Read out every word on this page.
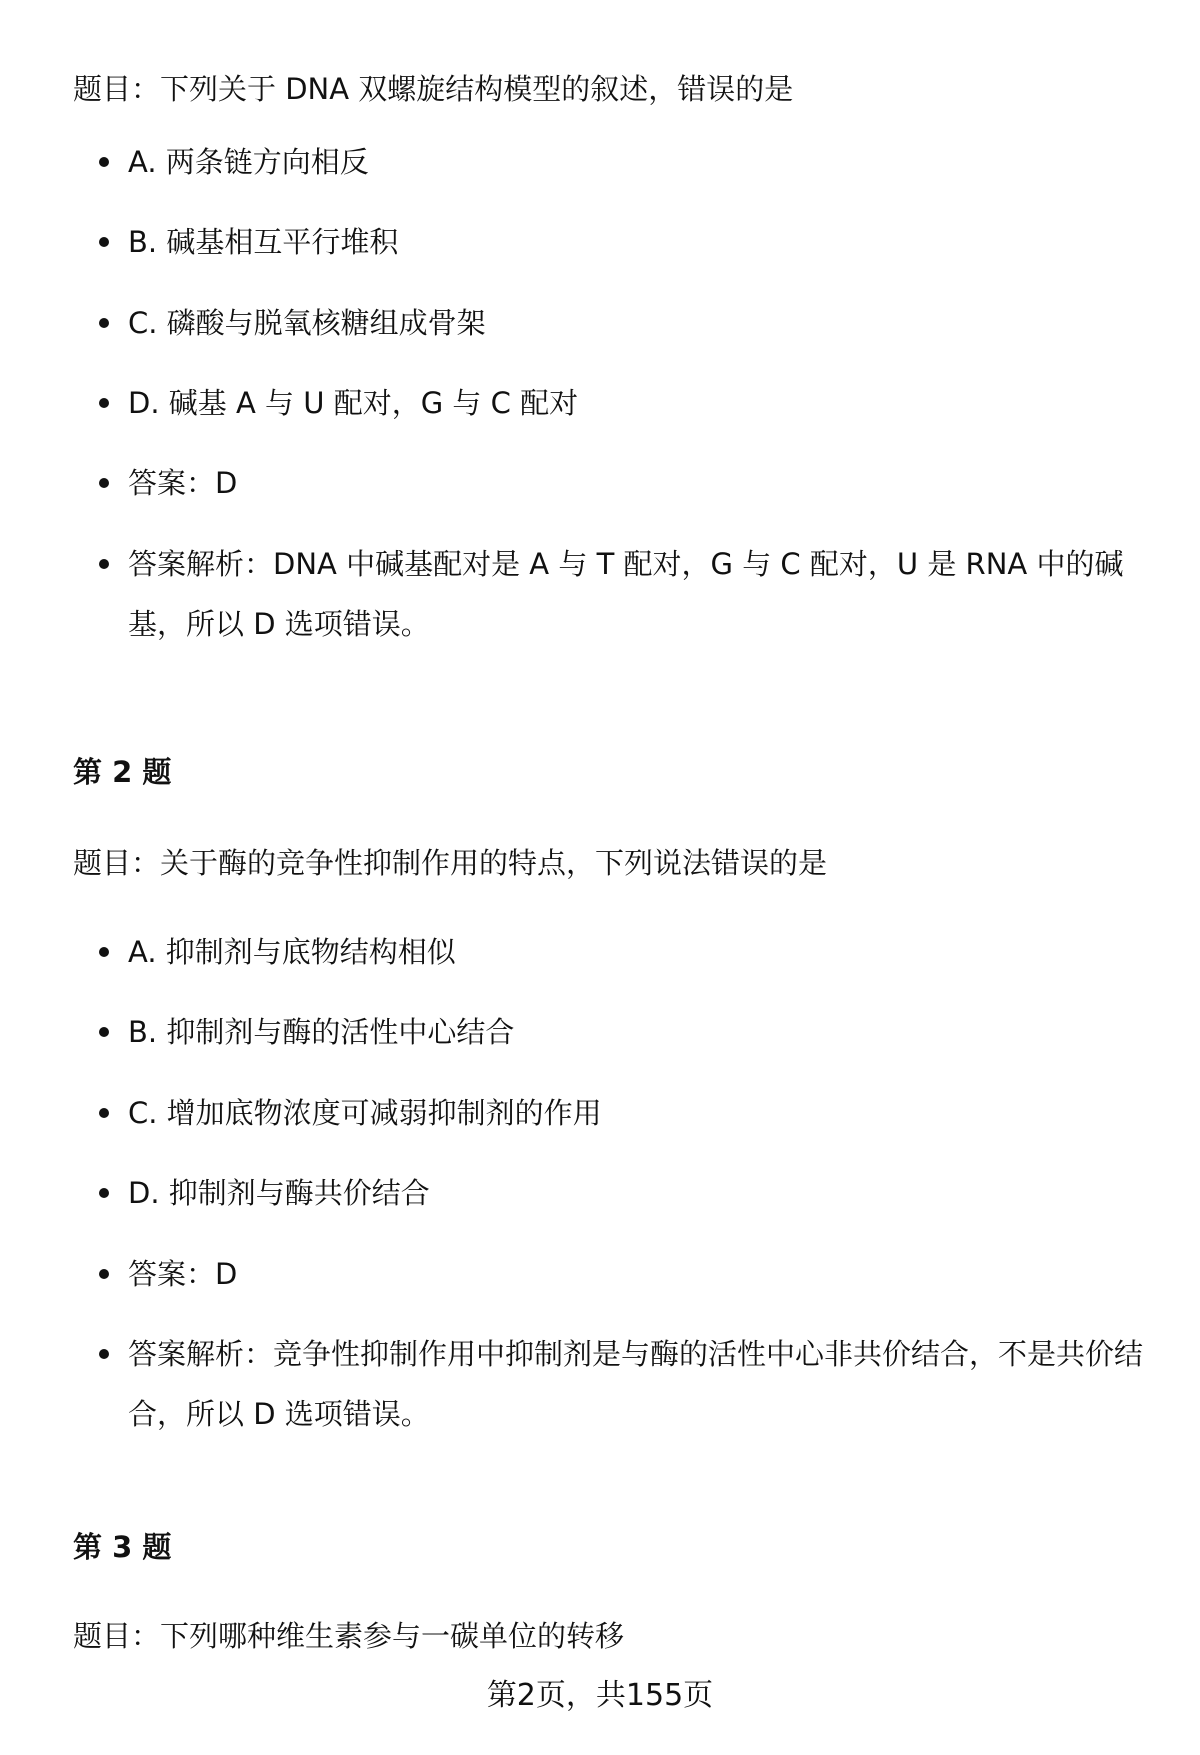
题目：下列关于 DNA 双螺旋结构模型的叙述，错误的是
A. 两条链方向相反
B. 碱基相互平行堆积
C. 磷酸与脱氧核糖组成骨架
D. 碱基 A 与 U 配对，G 与 C 配对
答案：D
答案解析：DNA 中碱基配对是 A 与 T 配对，G 与 C 配对，U 是 RNA 中的碱基，所以 D 选项错误。
第 2 题
题目：关于酶的竞争性抑制作用的特点，下列说法错误的是
A. 抑制剂与底物结构相似
B. 抑制剂与酶的活性中心结合
C. 增加底物浓度可减弱抑制剂的作用
D. 抑制剂与酶共价结合
答案：D
答案解析：竞争性抑制作用中抑制剂是与酶的活性中心非共价结合，不是共价结合，所以 D 选项错误。
第 3 题
题目：下列哪种维生素参与一碳单位的转移
第2页，共155页
